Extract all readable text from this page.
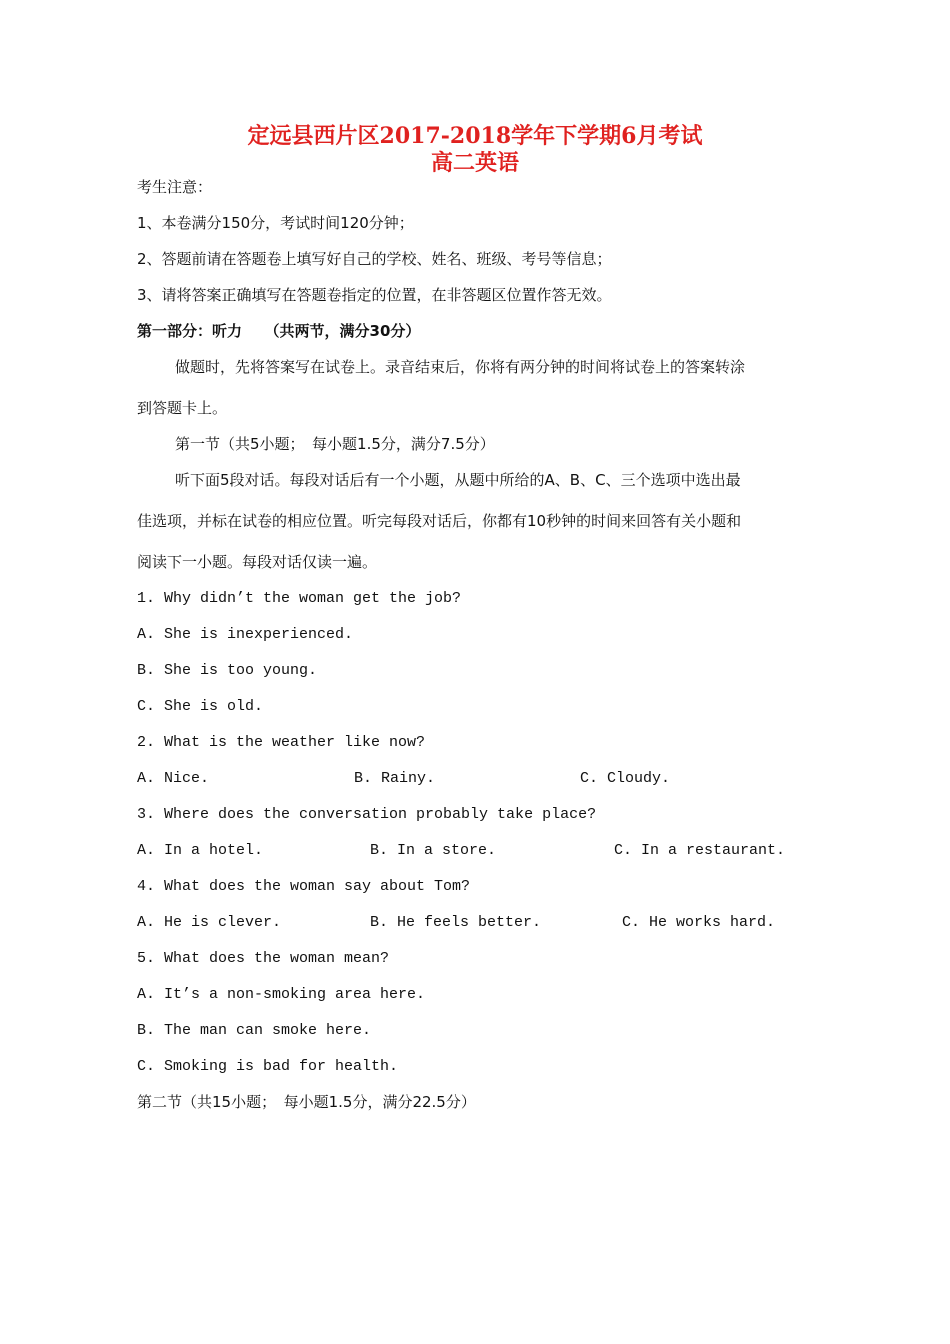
定远县西片区2017-2018学年下学期6月考试
高二英语
考生注意：
1、本卷满分150分，考试时间120分钟；
2、答题前请在答题卷上填写好自己的学校、姓名、班级、考号等信息；
3、请将答案正确填写在答题卷指定的位置，在非答题区位置作答无效。
第一部分：听力　　（共两节，满分30分）
做题时，先将答案写在试卷上。录音结束后，你将有两分钟的时间将试卷上的答案转涂
到答题卡上。
第一节（共5小题；　每小题1.5分，满分7.5分）
听下面5段对话。每段对话后有一个小题，从题中所给的A、B、C、三个选项中选出最
佳选项，并标在试卷的相应位置。听完每段对话后，你都有10秒钟的时间来回答有关小题和
阅读下一小题。每段对话仅读一遍。
1. Why didn’t the woman get the job?
A. She is inexperienced.
B. She is too young.
C. She is old.
2. What is the weather like now?
A. Nice.	B. Rainy.	C. Cloudy.
3. Where does the conversation probably take place?
A. In a hotel.	B. In a store.	C. In a restaurant.
4. What does the woman say about Tom?
A. He is clever.	B. He feels better.	C. He works hard.
5. What does the woman mean?
A. It’s a non-smoking area here.
B. The man can smoke here.
C. Smoking is bad for health.
第二节（共15小题；　每小题1.5分，满分22.5分）
